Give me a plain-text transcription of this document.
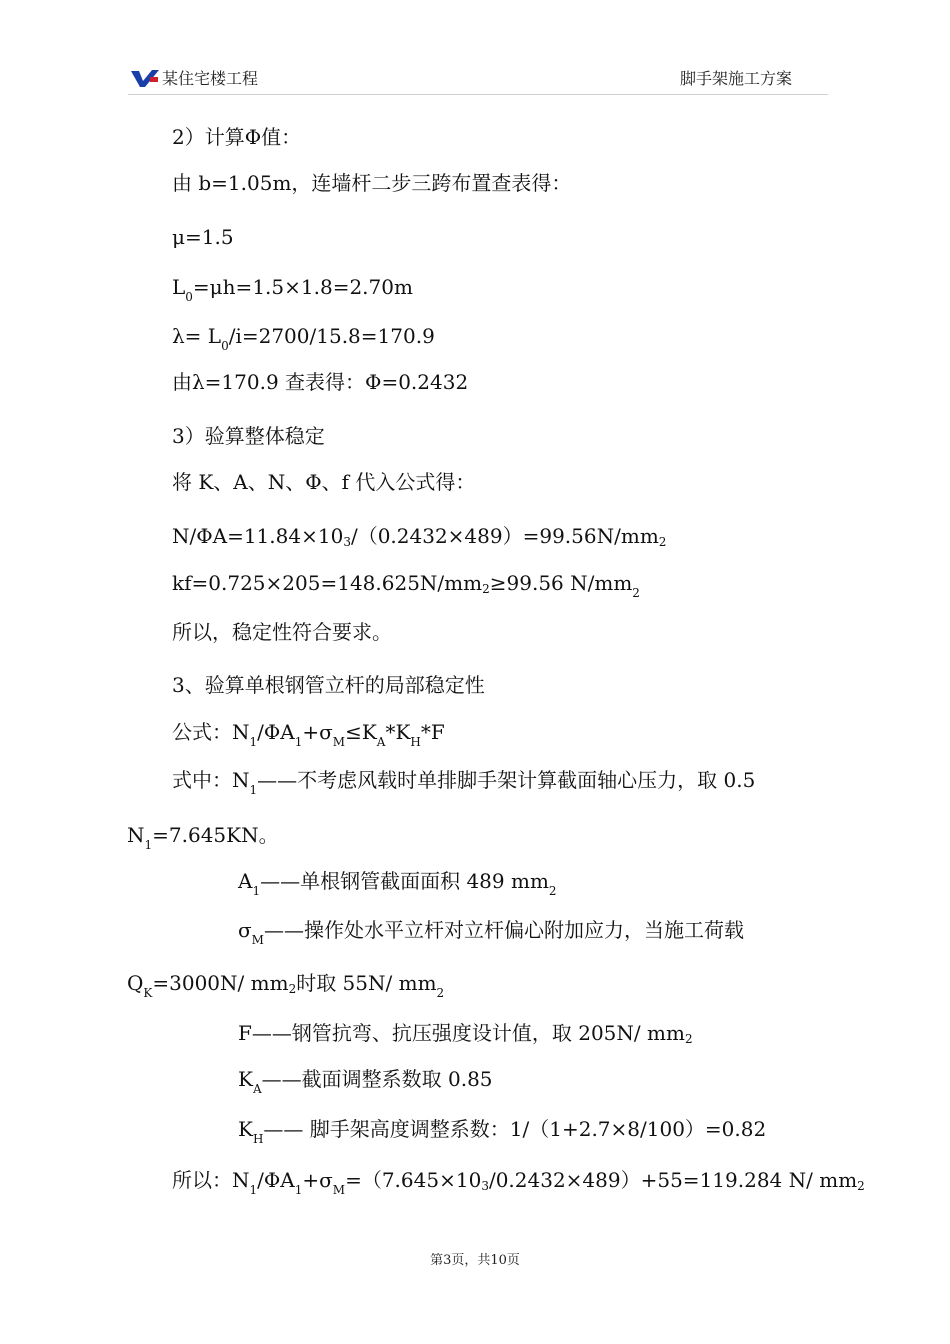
某住宅楼工程	脚手架施工方案
2）计算Φ值：
由 b=1.05m，连墙杆二步三跨布置查表得：
μ=1.5
$L_0=\mu h=1.5\times 1.8=2.70m$
$\lambda= L_0/i=2700/15.8=170.9$
由λ=170.9 查表得：Φ=0.2432
3）验算整体稳定
将 K、A、N、Φ、f 代入公式得：
N/ΦA=11.84×103/（0.2432×489）=99.56N/mm2
kf=0.725×205=148.625N/mm2≥99.56 $N/mm_2$
所以，稳定性符合要求。
3、验算单根钢管立杆的局部稳定性
公式：$N_1/\Phi A_1+\sigma_M\le K_A*K_H*F$
式中：$N_1——$不考虑风载时单排脚手架计算截面轴心压力，取 0.5
$N_1=7.645KN$。
$A_1——$单根钢管截面面积 489 $mm_2$
$\sigma_M——$操作处水平立杆对立杆偏心附加应力，当施工荷载
$Q_K=3000N/$ mm2时取 55N/ $mm_2$
F——钢管抗弯、抗压强度设计值，取 205N/ mm2
$K_A——$截面调整系数取 0.85
$K_H——$ 脚手架高度调整系数：1/（1+2.7×8/100）=0.82
所以：$N_1/\Phi A_1+\sigma_M=(7.645\times 103/0.2432\times 489)+55=119.284$ N/ mm2
第3页，共10页
